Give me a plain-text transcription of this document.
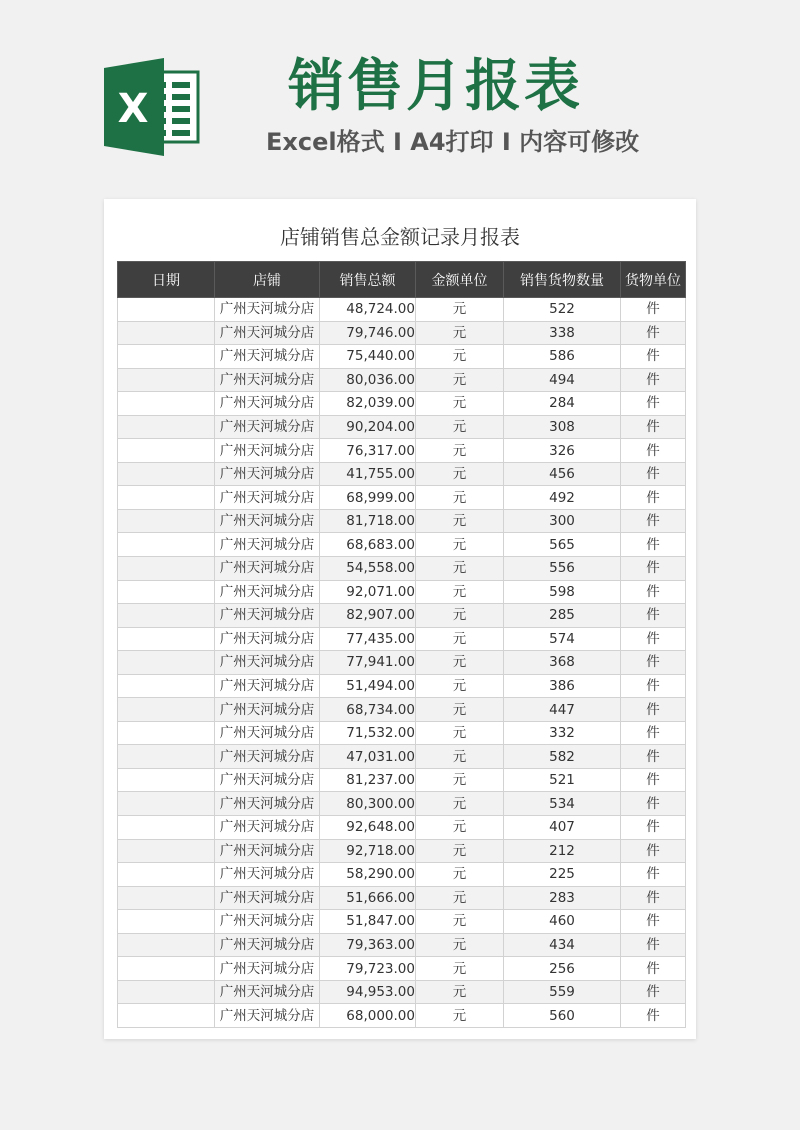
X 销售月报表
Excel格式 I A4打印 I 内容可修改
店铺销售总金额记录月报表
日期	店铺	销售总额	金额单位	销售货物数量	货物单位
	广州天河城分店	48,724.00	元	522	件
	广州天河城分店	79,746.00	元	338	件
	广州天河城分店	75,440.00	元	586	件
	广州天河城分店	80,036.00	元	494	件
	广州天河城分店	82,039.00	元	284	件
	广州天河城分店	90,204.00	元	308	件
	广州天河城分店	76,317.00	元	326	件
	广州天河城分店	41,755.00	元	456	件
	广州天河城分店	68,999.00	元	492	件
	广州天河城分店	81,718.00	元	300	件
	广州天河城分店	68,683.00	元	565	件
	广州天河城分店	54,558.00	元	556	件
	广州天河城分店	92,071.00	元	598	件
	广州天河城分店	82,907.00	元	285	件
	广州天河城分店	77,435.00	元	574	件
	广州天河城分店	77,941.00	元	368	件
	广州天河城分店	51,494.00	元	386	件
	广州天河城分店	68,734.00	元	447	件
	广州天河城分店	71,532.00	元	332	件
	广州天河城分店	47,031.00	元	582	件
	广州天河城分店	81,237.00	元	521	件
	广州天河城分店	80,300.00	元	534	件
	广州天河城分店	92,648.00	元	407	件
	广州天河城分店	92,718.00	元	212	件
	广州天河城分店	58,290.00	元	225	件
	广州天河城分店	51,666.00	元	283	件
	广州天河城分店	51,847.00	元	460	件
	广州天河城分店	79,363.00	元	434	件
	广州天河城分店	79,723.00	元	256	件
	广州天河城分店	94,953.00	元	559	件
	广州天河城分店	68,000.00	元	560	件
